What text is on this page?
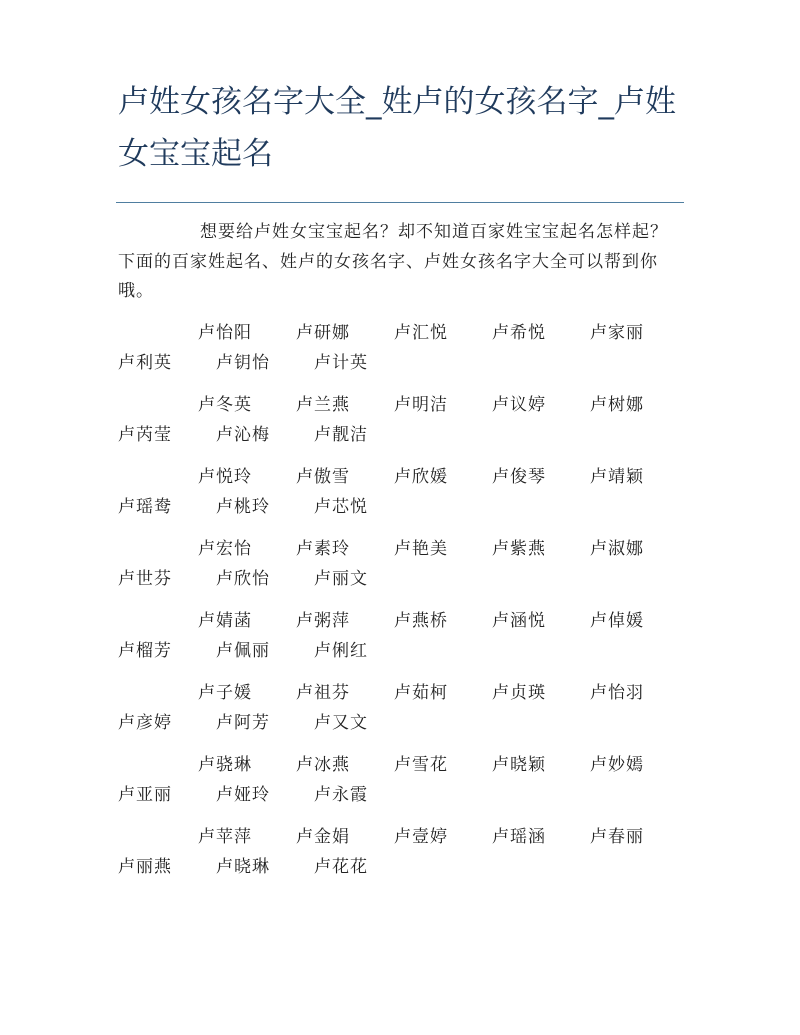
卢姓女孩名字大全_姓卢的女孩名字_卢姓女宝宝起名

想要给卢姓女宝宝起名？却不知道百家姓宝宝起名怎样起？下面的百家姓起名、姓卢的女孩名字、卢姓女孩名字大全可以帮到你哦。

卢怡阳	卢研娜	卢汇悦	卢希悦	卢家丽
卢利英	卢钥怡	卢计英
卢冬英	卢兰燕	卢明洁	卢议婷	卢树娜
卢芮莹	卢沁梅	卢靓洁
卢悦玲	卢傲雪	卢欣媛	卢俊琴	卢靖颖
卢瑶鸯	卢桃玲	卢芯悦
卢宏怡	卢素玲	卢艳美	卢紫燕	卢淑娜
卢世芬	卢欣怡	卢丽文
卢婧菡	卢粥萍	卢燕桥	卢涵悦	卢倬媛
卢榴芳	卢佩丽	卢俐红
卢子媛	卢祖芬	卢茹柯	卢贞瑛	卢怡羽
卢彦婷	卢阿芳	卢又文
卢骁琳	卢冰燕	卢雪花	卢晓颖	卢妙嫣
卢亚丽	卢娅玲	卢永霞
卢苹萍	卢金娟	卢壹婷	卢瑶涵	卢春丽
卢丽燕	卢晓琳	卢花花
